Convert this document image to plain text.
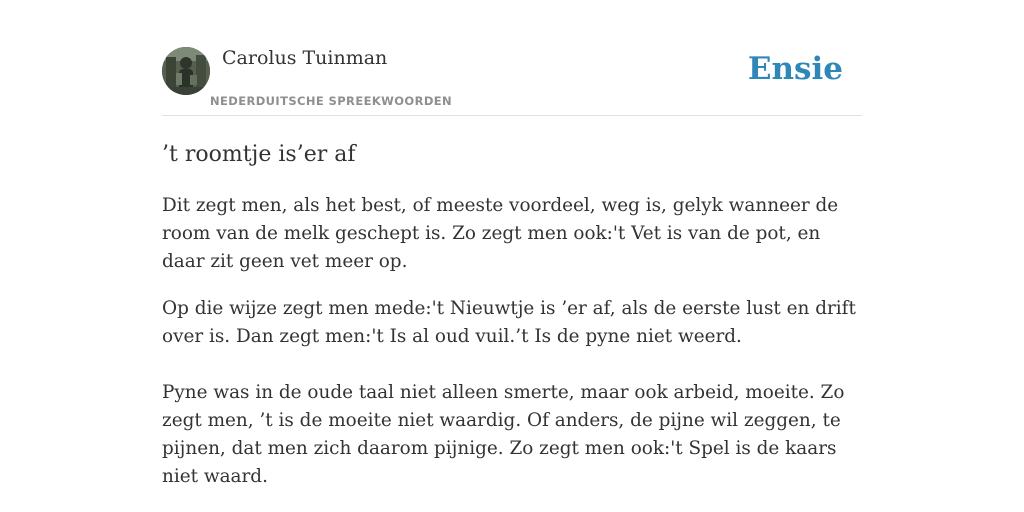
Carolus Tuinman
NEDERDUITSCHE SPREEKWOORDEN
Ensie
’t roomtje is’er af

Dit zegt men, als het best, of meeste voordeel, weg is, gelyk wanneer de room van de melk geschept is. Zo zegt men ook:'t Vet is van de pot, en daar zit geen vet meer op.

Op die wijze zegt men mede:'t Nieuwtje is ’er af, als de eerste lust en drift over is. Dan zegt men:'t Is al oud vuil.’t Is de pyne niet weerd.

Pyne was in de oude taal niet alleen smerte, maar ook arbeid, moeite. Zo zegt men, ’t is de moeite niet waardig. Of anders, de pijne wil zeggen, te pijnen, dat men zich daarom pijnige. Zo zegt men ook:'t Spel is de kaars niet waard.
